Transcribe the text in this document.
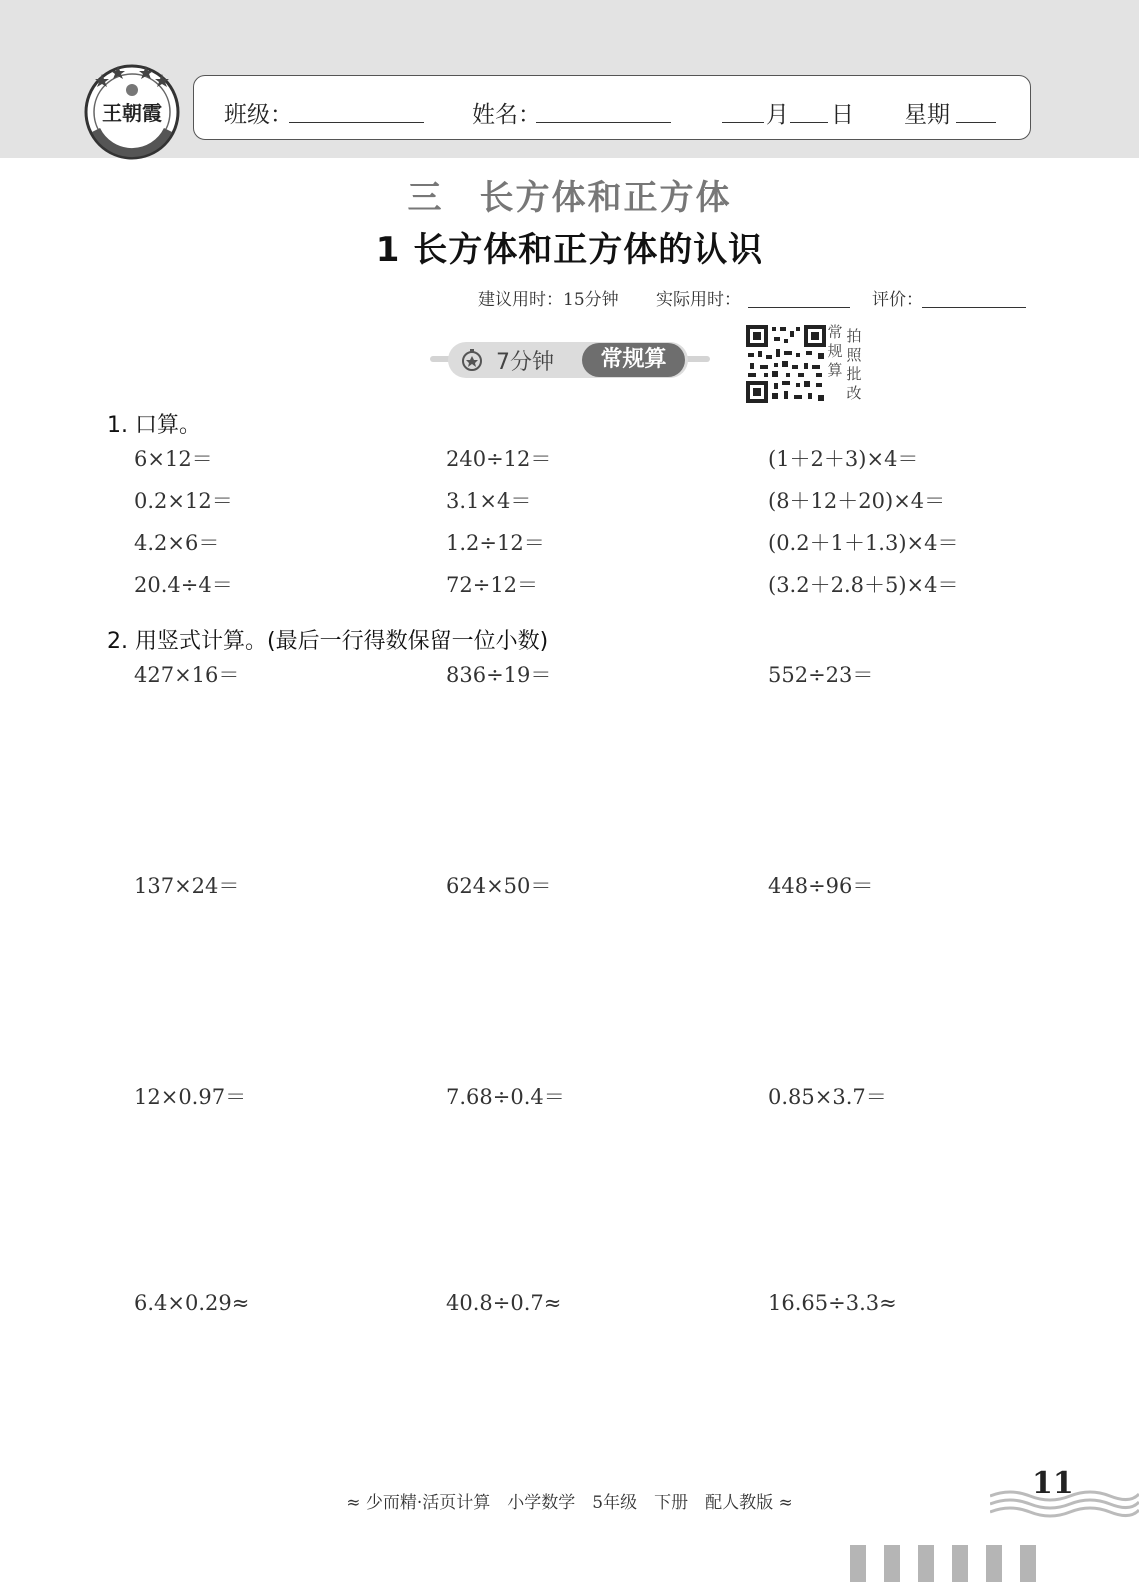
王朝霞	班级：	姓名：	月 日 星期
三　长方体和正方体
1 长方体和正方体的认识
建议用时：15分钟 实际用时：	评价：
7分钟	常规算
常规算
拍照批改
1. 口算。
6×12＝	240÷12＝	(1＋2＋3)×4＝
0.2×12＝	3.1×4＝	(8＋12＋20)×4＝
4.2×6＝	1.2÷12＝	(0.2＋1＋1.3)×4＝
20.4÷4＝	72÷12＝	(3.2＋2.8＋5)×4＝
2. 用竖式计算。(最后一行得数保留一位小数)
427×16＝	836÷19＝	552÷23＝
137×24＝	624×50＝	448÷96＝
12×0.97＝	7.68÷0.4＝	0.85×3.7＝
6.4×0.29≈	40.8÷0.7≈	16.65÷3.3≈
≈ 少而精·活页计算　小学数学　5年级　下册　配人教版 ≈
11
